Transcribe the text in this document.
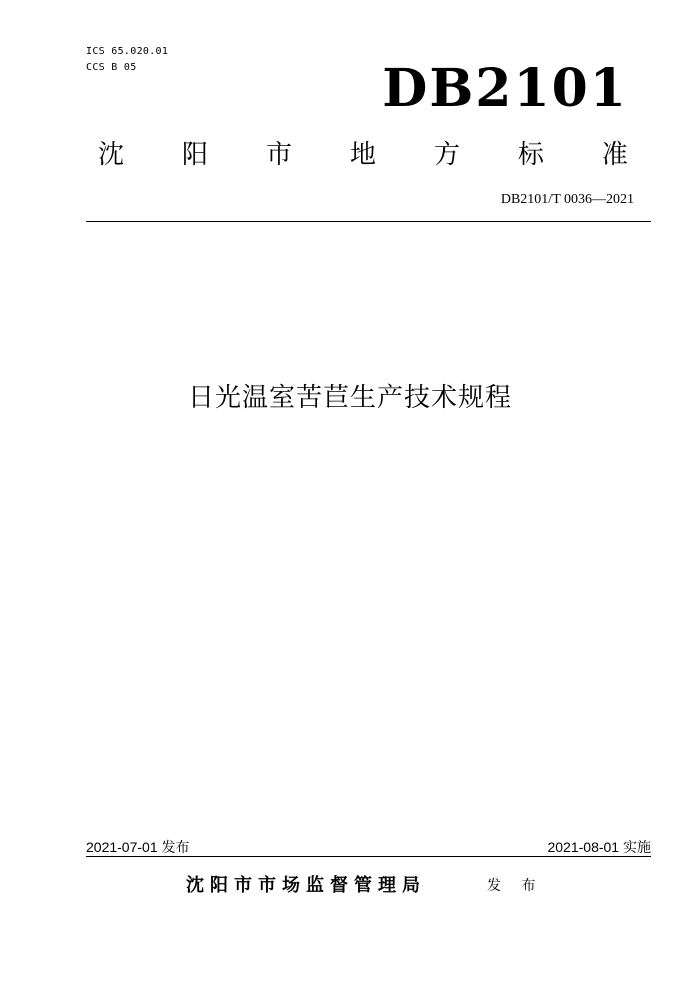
ICS 65.020.01
CCS B 05	DB2101
沈 阳 市 地 方 标 准
DB2101/T 0036—2021
日光温室苦苣生产技术规程
2021-07-01 发布	2021-08-01 实施
沈阳市市场监督管理局	发 布
